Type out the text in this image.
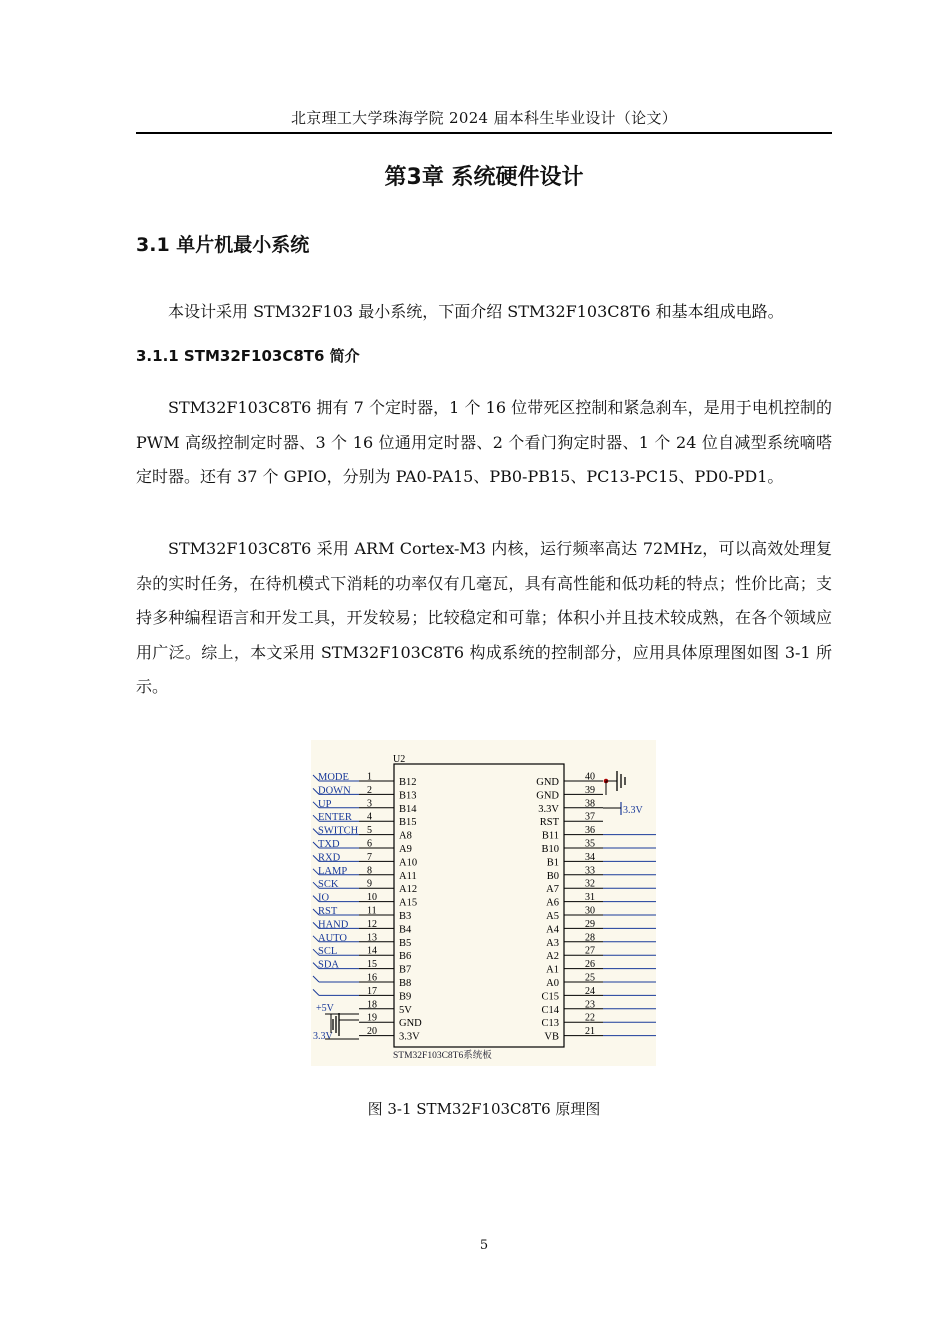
北京理工大学珠海学院 2024 届本科生毕业设计（论文）
第3章 系统硬件设计
3.1 单片机最小系统

本设计采用 STM32F103 最小系统，下面介绍 STM32F103C8T6 和基本组成电路。

3.1.1 STM32F103C8T6 简介

STM32F103C8T6 拥有 7 个定时器，1 个 16 位带死区控制和紧急刹车，是用于电机控制的 PWM 高级控制定时器、3 个 16 位通用定时器、2 个看门狗定时器、1 个 24 位自减型系统嘀嗒定时器。还有 37 个 GPIO，分别为 PA0-PA15、PB0-PB15、PC13-PC15、PD0-PD1。

STM32F103C8T6 采用 ARM Cortex-M3 内核，运行频率高达 72MHz，可以高效处理复杂的实时任务，在待机模式下消耗的功率仅有几毫瓦，具有高性能和低功耗的特点；性价比高；支持多种编程语言和开发工具，开发较易；比较稳定和可靠；体积小并且技术较成熟，在各个领域应用广泛。综上，本文采用 STM32F103C8T6 构成系统的控制部分，应用具体原理图如图 3-1 所示。

U2
STM32F103C8T6系统板
MODE 1	B12
DOWN 2	B13
UP	3	B14
ENTER 4	B15
SWITCH 5	A8
TXD	6	A9
RXD	7	A10
LAMP 8	A11
SCK	9	A12
IO	10 A15
RST	11 B3
HAND 12 B4
AUTO 13 B5
SCL	14 B6
SDA	15 B7
16 B8
17 B9
18 5V
19 GND
20 3.3V
40
GND
39
GND
38
3.3V
37
RST
36
B11
35
B10
34
B1
33
B0
32
A7
31
A6
30
A5
29
A4
28
A3
27
A2
26
A1
25
A0
24
C15
23
C14
22
C13
21
VB
3.3V
+5V
3.3V
图 3-1 STM32F103C8T6 原理图
5
